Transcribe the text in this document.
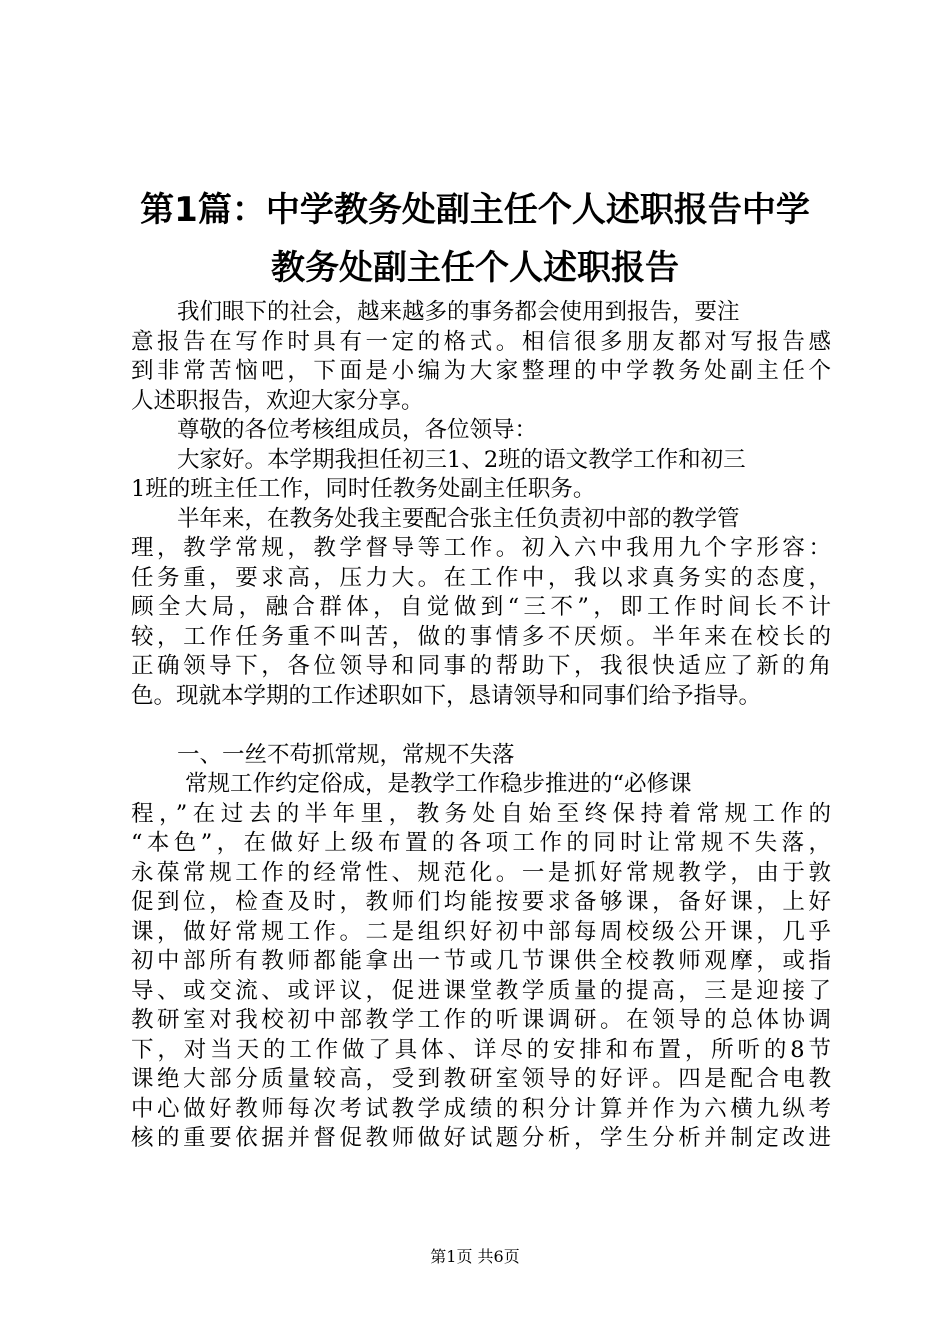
第1篇：中学教务处副主任个人述职报告中学
教务处副主任个人述职报告
我们眼下的社会，越来越多的事务都会使用到报告，要注
意报告在写作时具有一定的格式。相信很多朋友都对写报告感
到非常苦恼吧，下面是小编为大家整理的中学教务处副主任个
人述职报告，欢迎大家分享。
尊敬的各位考核组成员，各位领导：
大家好。本学期我担任初三1、2班的语文教学工作和初三
1班的班主任工作，同时任教务处副主任职务。
半年来，在教务处我主要配合张主任负责初中部的教学管
理，教学常规，教学督导等工作。初入六中我用九个字形容：
任务重，要求高，压力大。在工作中，我以求真务实的态度，
顾全大局，融合群体，自觉做到“三不”，即工作时间长不计
较，工作任务重不叫苦，做的事情多不厌烦。半年来在校长的
正确领导下，各位领导和同事的帮助下，我很快适应了新的角
色。现就本学期的工作述职如下，恳请领导和同事们给予指导。
一、一丝不苟抓常规，常规不失落
常规工作约定俗成，是教学工作稳步推进的“必修课
程，”在过去的半年里，教务处自始至终保持着常规工作的
“本色”，在做好上级布置的各项工作的同时让常规不失落，
永葆常规工作的经常性、规范化。一是抓好常规教学，由于敦
促到位，检查及时，教师们均能按要求备够课，备好课，上好
课，做好常规工作。二是组织好初中部每周校级公开课，几乎
初中部所有教师都能拿出一节或几节课供全校教师观摩，或指
导、或交流、或评议，促进课堂教学质量的提高，三是迎接了
教研室对我校初中部教学工作的听课调研。在领导的总体协调
下，对当天的工作做了具体、详尽的安排和布置，所听的8节
课绝大部分质量较高，受到教研室领导的好评。四是配合电教
中心做好教师每次考试教学成绩的积分计算并作为六横九纵考
核的重要依据并督促教师做好试题分析，学生分析并制定改进
第1页 共6页
